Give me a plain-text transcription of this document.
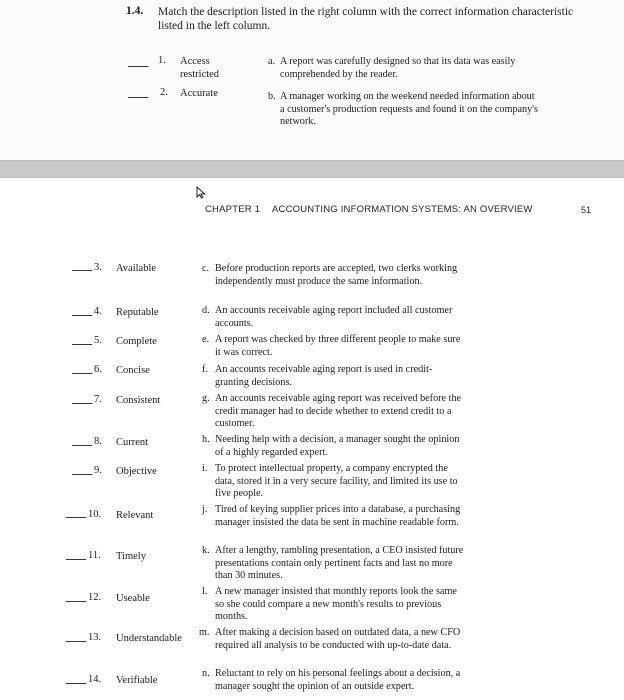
1.4. Match the description listed in the right column with the correct information characteristic listed in the left column.
1. Access restricted
2. Accurate
a. A report was carefully designed so that its data was easily comprehended by the reader.
b. A manager working on the weekend needed information about a customer's production requests and found it on the company's network.
CHAPTER 1 ACCOUNTING INFORMATION SYSTEMS: AN OVERVIEW	51
3. Available
4. Reputable
5. Complete
6. Concise
7. Consistent
8. Current
9. Objective
10. Relevant
11. Timely
12. Useable
13. Understandable
14. Verifiable
c. Before production reports are accepted, two clerks working independently must produce the same information.
d. An accounts receivable aging report included all customer accounts.
e. A report was checked by three different people to make sure it was correct.
f. An accounts receivable aging report is used in credit-granting decisions.
g. An accounts receivable aging report was received before the credit manager had to decide whether to extend credit to a customer.
h. Needing help with a decision, a manager sought the opinion of a highly regarded expert.
i. To protect intellectual property, a company encrypted the data, stored it in a very secure facility, and limited its use to five people.
j. Tired of keying supplier prices into a database, a purchasing manager insisted the data be sent in machine readable form.
k. After a lengthy, rambling presentation, a CEO insisted future presentations contain only pertinent facts and last no more than 30 minutes.
l. A new manager insisted that monthly reports look the same so she could compare a new month's results to previous months.
m. After making a decision based on outdated data, a new CFO required all analysis to be conducted with up-to-date data.
n. Reluctant to rely on his personal feelings about a decision, a manager sought the opinion of an outside expert.
